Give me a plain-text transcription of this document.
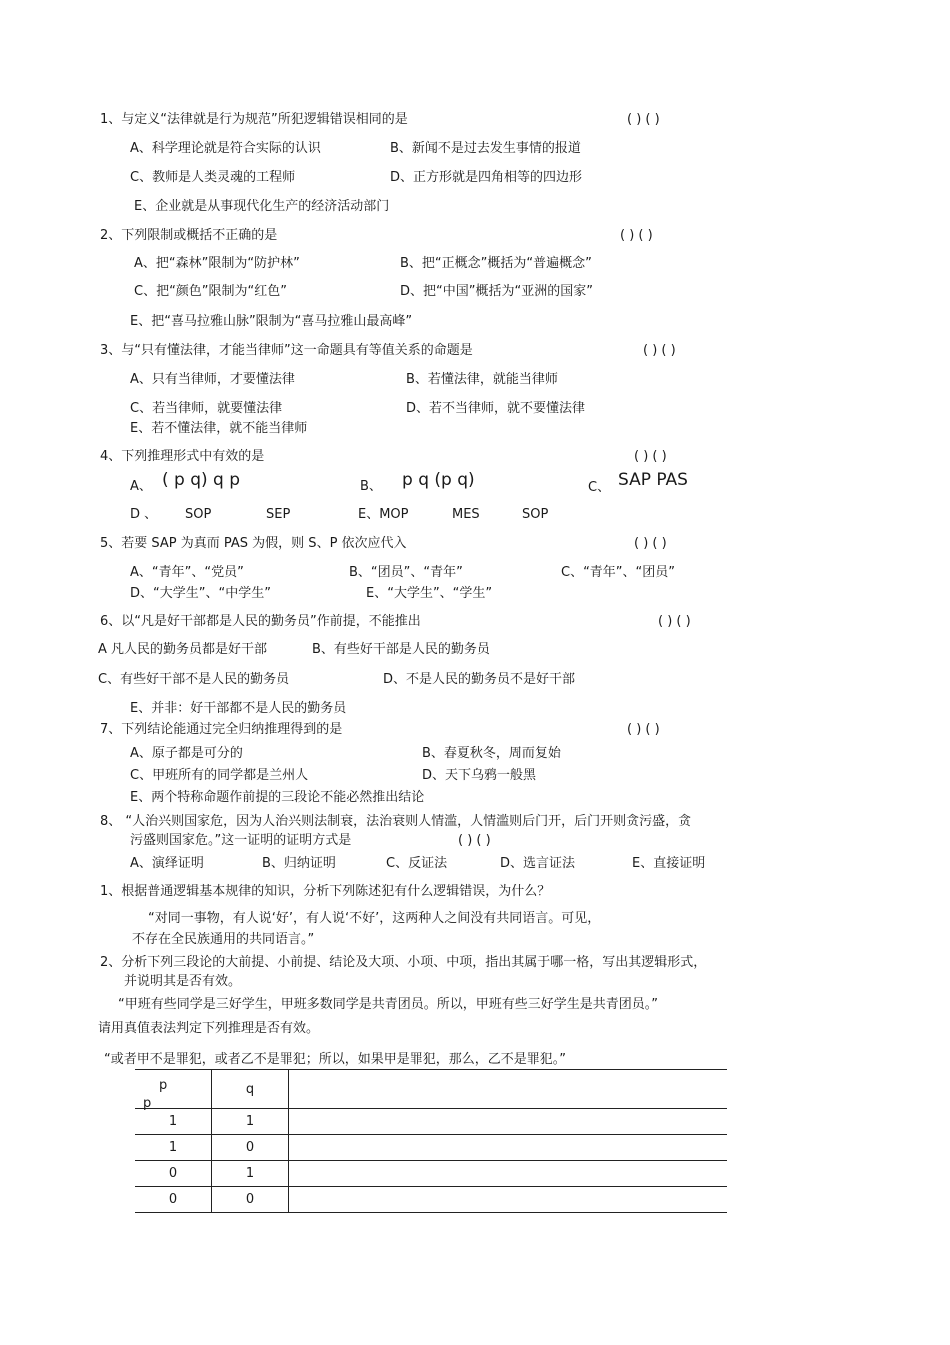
1、与定义“法律就是行为规范”所犯逻辑错误相同的是	( ) ( )
A、科学理论就是符合实际的认识	B、新闻不是过去发生事情的报道
C、教师是人类灵魂的工程师	D、正方形就是四角相等的四边形
E、企业就是从事现代化生产的经济活动部门
2、下列限制或概括不正确的是	( ) ( )
A、把“森林”限制为“防护林”	B、把“正概念”概括为“普遍概念”
C、把“颜色”限制为“红色”	D、把“中国”概括为“亚洲的国家”
E、把“喜马拉雅山脉”限制为“喜马拉雅山最高峰”
3、与“只有懂法律，才能当律师”这一命题具有等值关系的命题是	( ) ( )
A、只有当律师，才要懂法律	B、若懂法律，就能当律师
C、若当律师，就要懂法律	D、若不当律师，就不要懂法律
E、若不懂法律，就不能当律师
4、下列推理形式中有效的是	( ) ( )
A、 ( p q) q p	B、 p q (p q)	C、 SAP PAS
D 、 SOP	SEP	E、MOP	MES	SOP
5、若要 SAP 为真而 PAS 为假，则 S、P 依次应代入	( ) ( )
A、“青年”、“党员”	B、“团员”、“青年”	C、“青年”、“团员”
D、“大学生”、“中学生”	E、“大学生”、“学生”
6、以“凡是好干部都是人民的勤务员”作前提，不能推出	( ) ( )
A 凡人民的勤务员都是好干部	B、有些好干部是人民的勤务员
C、有些好干部不是人民的勤务员	D、不是人民的勤务员不是好干部
E、并非：好干部都不是人民的勤务员
7、下列结论能通过完全归纳推理得到的是	( ) ( )
A、原子都是可分的	B、春夏秋冬，周而复始
C、甲班所有的同学都是兰州人	D、天下乌鸦一般黑
E、两个特称命题作前提的三段论不能必然推出结论
8、 “人治兴则国家危，因为人治兴则法制衰，法治衰则人情滥，人情滥则后门开，后门开则贪污盛，贪
污盛则国家危。”这一证明的证明方式是	( ) ( )
A、演绎证明	B、归纳证明	C、反证法	D、选言证法	E、直接证明
1、根据普通逻辑基本规律的知识，分析下列陈述犯有什么逻辑错误，为什么？
“对同一事物，有人说‘好’，有人说‘不好’，这两种人之间没有共同语言。可见，
不存在全民族通用的共同语言。”
2、分析下列三段论的大前提、小前提、结论及大项、小项、中项，指出其属于哪一格，写出其逻辑形式，
并说明其是否有效。
“甲班有些同学是三好学生，甲班多数同学是共青团员。所以，甲班有些三好学生是共青团员。”
请用真值表法判定下列推理是否有效。
“或者甲不是罪犯，或者乙不是罪犯；所以，如果甲是罪犯，那么，乙不是罪犯。”
p
p	q	
1	1	
1	0	
0	1	
0	0	
